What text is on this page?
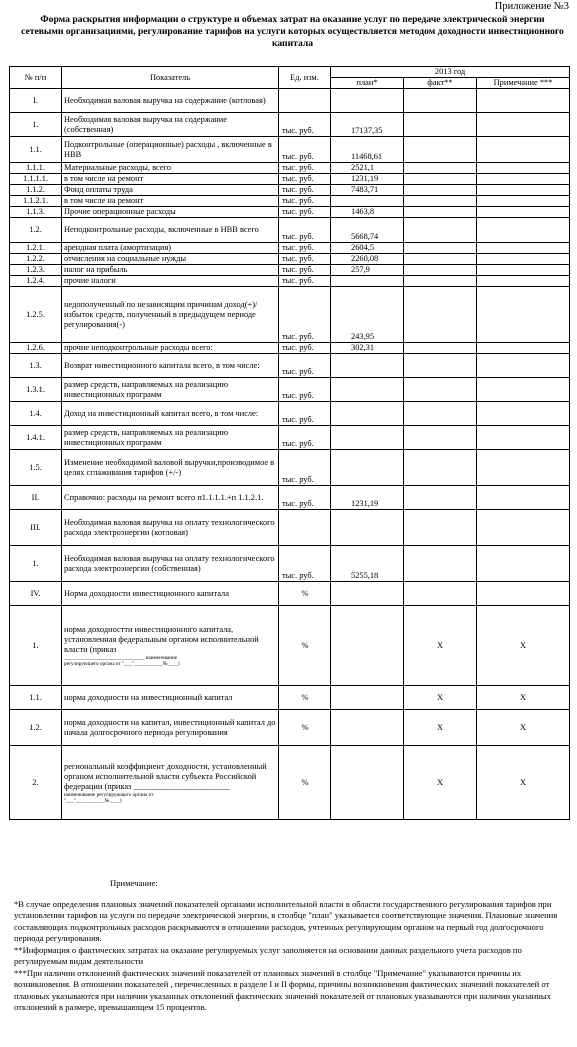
Приложение №3
Форма раскрытия информации о структуре и объемах затрат на оказание услуг по передаче электрической энергии сетевыми организациями, регулирование тарифов на услуги которых осуществляется методом доходности инвестиционного капитала
№ п/п	Показатель	Ед. изм.	2013 год		
			план*	факт**	Примечание ***
I.	Необходимая валовая выручка на содержание (котловая)				

1.	Необходимая валовая выручка на содержание (собственная)	тыс. руб.	17137,35		
1.1.	Подконтрольные (операционные) расходы , включенные в НВВ	тыс. руб.	11468,61		
1.1.1.	Материальные расходы, всего	тыс. руб.	2521,1		
1.1.1.1.	в том числе на ремонт	тыс. руб.	1231,19		
1.1.2.	Фонд оплаты труда	тыс. руб.	7483,71		
1.1.2.1.	в том числе на ремонт	тыс. руб.			
1.1.3.	Прочие операционные расходы	тыс. руб.	1463,8		
1.2.	Неподконтрольные расходы, включенные в НВВ всего	тыс. руб.	5668,74		
1.2.1.	арендная плата (амортизация)	тыс. руб.	2604,5		
1.2.2.	отчисления на социальные нужды	тыс. руб.	2260,08		
1.2.3.	налог на прибыль	тыс. руб.	257,9		
1.2.4.	прочие налоги	тыс. руб.			
1.2.5.	недополученный по независящим причинам доход(+)/избыток средств, полученный в предыдущем периоде регулирования(-)	тыс. руб.	243,95		
1.2.6.	прочие неподконтрольные расходы всего:	тыс. руб.	302,31		
1.3.	Возврат инвестиционного капитала всего, в том числе:	тыс. руб.			
1.3.1.	размер средств, направляемых на реализацию инвестиционных программ	тыс. руб.			
1.4.	Доход на инвестиционный капитал всего, в том числе:	тыс. руб.			
1.4.1.	размер средств, направляемых на реализацию инвестиционных программ	тыс. руб.			
1.5.	Изменение необходимой валовой выручки,производимое в целях сглаживания тарифов (+/-)	тыс. руб.			
II.	Справочно: расходы на ремонт всего п1.1.1.1.+п 1.1.2.1.	тыс. руб.	1231,19		
III.	Необходимая валовая выручка на оплату технологического расхода электроэнергии (котловая)				

1.	Необходимая валовая выручка на оплату технологического расхода электроэнергии (собственная)	тыс. руб.	5255,18		
IV.	Норма доходности инвестиционного капитала	%			
1.	норма доходностти инвестиционного капитала, установленная федеральным органом исполнительной власти (приказ
_______________________________ наименование
регулирующего органа от "___"___________№____)	%		X	X
1.1.	норма доходности на инвестиционный капитал	%		X	X
1.2.	норма доходности на капитал, инвестиционный капитал до начала долгосрочного периода регулирования	%		X	X
2.	региональный коэффициент доходности, установленный органом исполнительной власти субъекта Российской федерации (приказ _______________________
наименование регулирующего органа от
"___"___________№____)	%		X	X
Примечание:

*В случае определения плановых значений показателей органами исполнительной власти в области государственного регулирования тарифов при установлении тарифов на услуги по передаче электрической энергии, в столбце "план" указывается соответствующие значения. Плановые значения составляющих подконтрольных расходов раскрываются в отношении расходов, учтенных регулирующим органом на первый год долгосрочного периода регулирования.

**Информация о фактических затратах на оказание регулируемых услуг заполняется на основании данных раздельного учета расходов по регулируемым видам деятельности

***При наличии отклонений фактических значений показателей от плановых значений в столбце "Примечание" указываются причины их возникновения. В отношении показателей , перечисленных в разделе I и II формы, причины возникновения фактических значений показателей от плановых указываются при наличии указанных отклонений фактических значений показателей от плановых указываются при наличии указанных отклонений в размере, превышающем 15 процентов.
